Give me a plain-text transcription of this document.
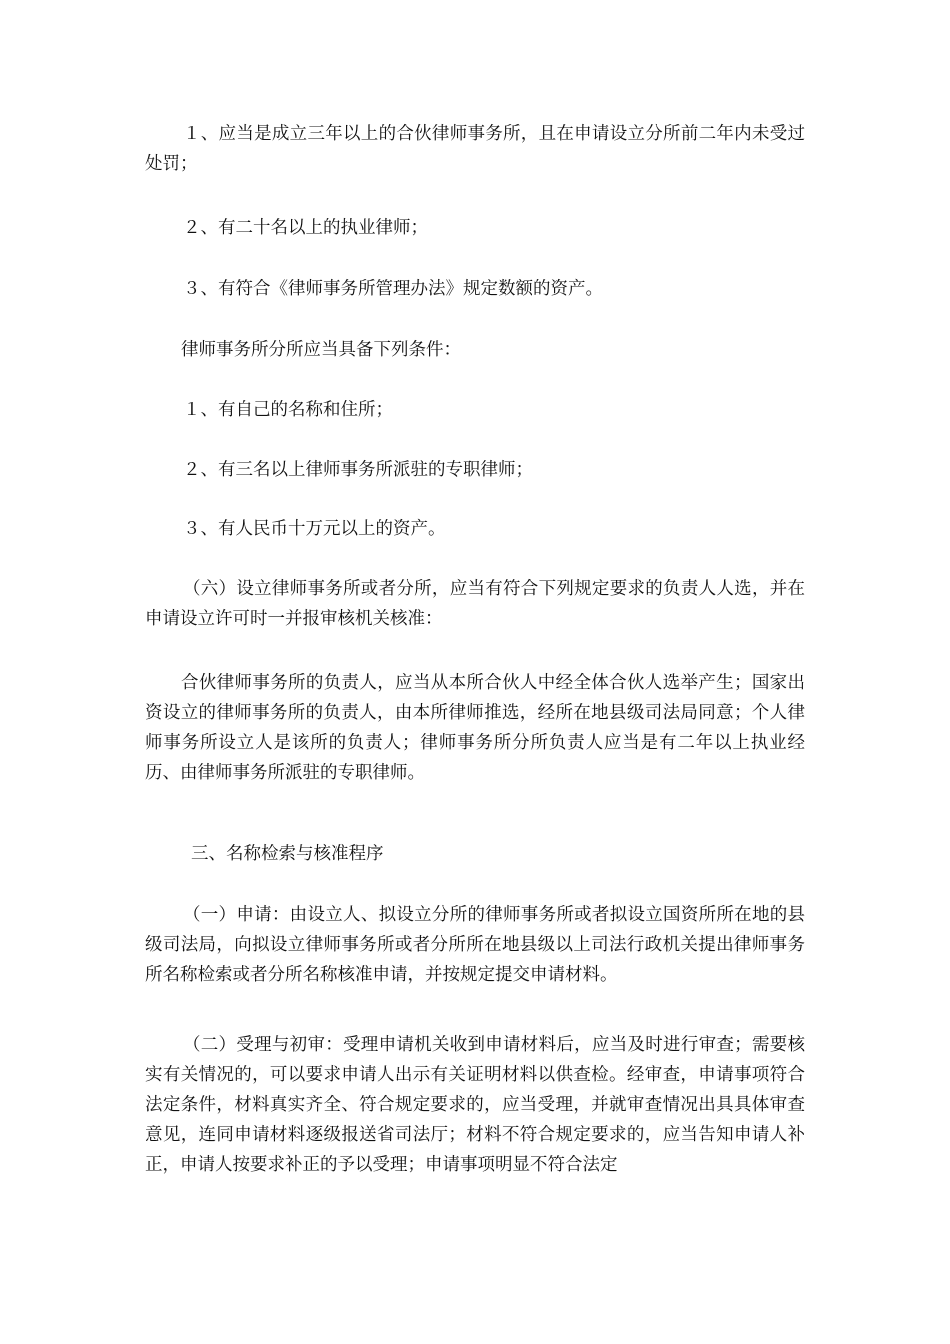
１、应当是成立三年以上的合伙律师事务所，且在申请设立分所前二年内未受过处罚；

２、有二十名以上的执业律师；

３、有符合《律师事务所管理办法》规定数额的资产。

律师事务所分所应当具备下列条件：

１、有自己的名称和住所；

２、有三名以上律师事务所派驻的专职律师；

３、有人民币十万元以上的资产。

（六）设立律师事务所或者分所，应当有符合下列规定要求的负责人人选，并在申请设立许可时一并报审核机关核准：

合伙律师事务所的负责人，应当从本所合伙人中经全体合伙人选举产生；国家出资设立的律师事务所的负责人，由本所律师推选，经所在地县级司法局同意；个人律师事务所设立人是该所的负责人；律师事务所分所负责人应当是有二年以上执业经历、由律师事务所派驻的专职律师。

三、名称检索与核准程序

（一）申请：由设立人、拟设立分所的律师事务所或者拟设立国资所所在地的县级司法局，向拟设立律师事务所或者分所所在地县级以上司法行政机关提出律师事务所名称检索或者分所名称核准申请，并按规定提交申请材料。

（二）受理与初审：受理申请机关收到申请材料后，应当及时进行审查；需要核实有关情况的，可以要求申请人出示有关证明材料以供查检。经审查，申请事项符合法定条件，材料真实齐全、符合规定要求的，应当受理，并就审查情况出具具体审查意见，连同申请材料逐级报送省司法厅；材料不符合规定要求的，应当告知申请人补正，申请人按要求补正的予以受理；申请事项明显不符合法定
